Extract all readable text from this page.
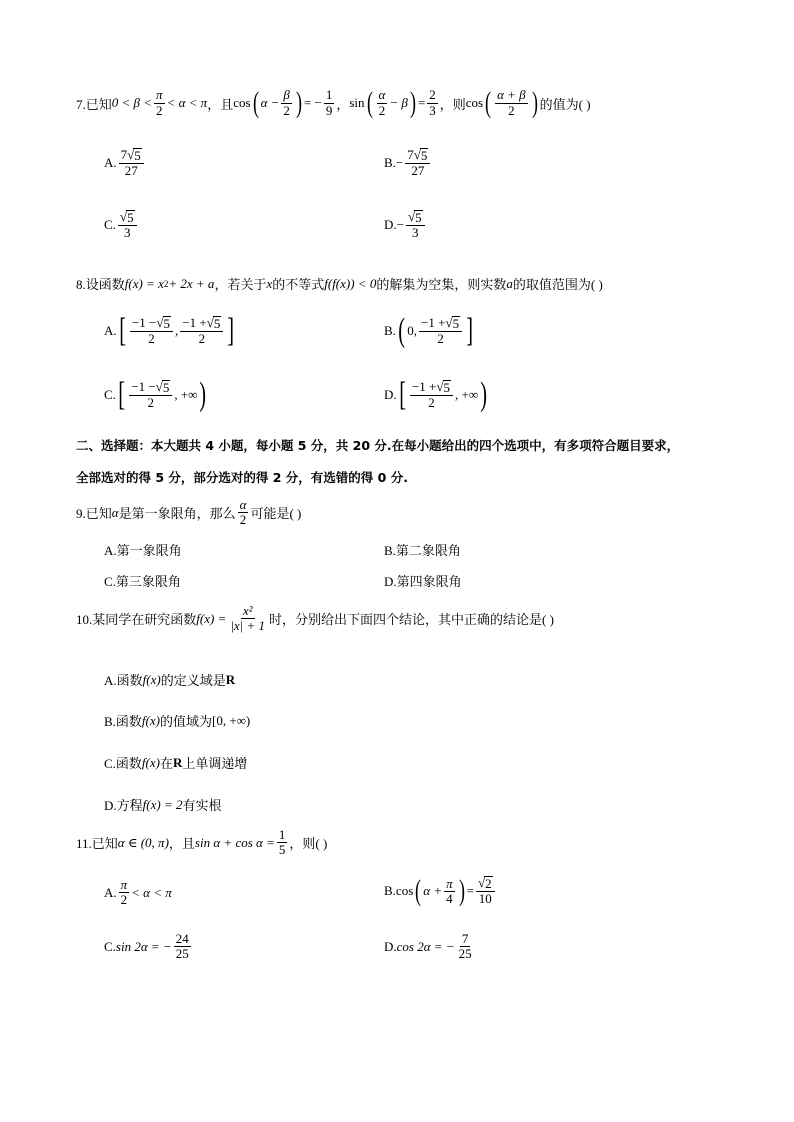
7.已知 $0 < \beta < \frac{\pi}{2} < \alpha < \pi$ ，且 cos ( $\alpha - \frac{\beta}{2}$ ) = − $\frac{1}{9}$ ， sin ( $\frac{\alpha}{2} - \beta$ ) = $\frac{2}{3}$ ，则 cos ( $\frac{\alpha + \beta}{2}$ ) 的值为( )
A. $\frac{7 √ 5}{27}$	B. − $\frac{7 √ 5}{27}$
C. $\frac{√ 5}{3}$	D. − $\frac{√ 5}{3}$
8.设函数 f(x) = x 2 + 2x + a ，若关于 x 的不等式 f(f(x)) < 0 的解集为空集，则实数 a 的取值范围为( )
A. [ $\frac{-1 - √ 5}{2}$ , $\frac{-1 + √ 5}{2}$ ]	B. ( 0, $\frac{-1 + √ 5}{2}$ ]
C. [ $\frac{-1 - √ 5}{2}$ , +∞ )	D. [ $\frac{-1 + √ 5}{2}$ , +∞ )
二、选择题：本大题共 4 小题，每小题 5 分，共 20 分.在每小题给出的四个选项中，有多项符合题目要求，
全部选对的得 5 分，部分选对的得 2 分，有选错的得 0 分.
9.已知 α 是第一象限角，那么 $\frac{\alpha}{2}$ 可能是( )
A.第一象限角	B.第二象限角
C.第三象限角	D.第四象限角
10.某同学在研究函数 $f(x) = \frac{\text{x²}}{|x| + 1}$ 时，分别给出下面四个结论，其中正确的结论是( )
A.函数 f(x) 的定义域是 R
B.函数 f(x) 的值域为 [0, +∞)
C.函数 f(x) 在 R 上单调递增
D.方程 f(x) = 2 有实根
11.已知 α ∈ (0, π) ，且 $\sin \alpha + \cos \alpha = \frac{1}{5}$ ，则( )
A. $\frac{\pi}{2} < \alpha < \pi$	B. cos ( $\alpha + \frac{\pi}{4}$ ) = $\frac{√ 2}{10}$
C. sin 2α = − $\frac{24}{25}$	D. cos 2α = − $\frac{7}{25}$
